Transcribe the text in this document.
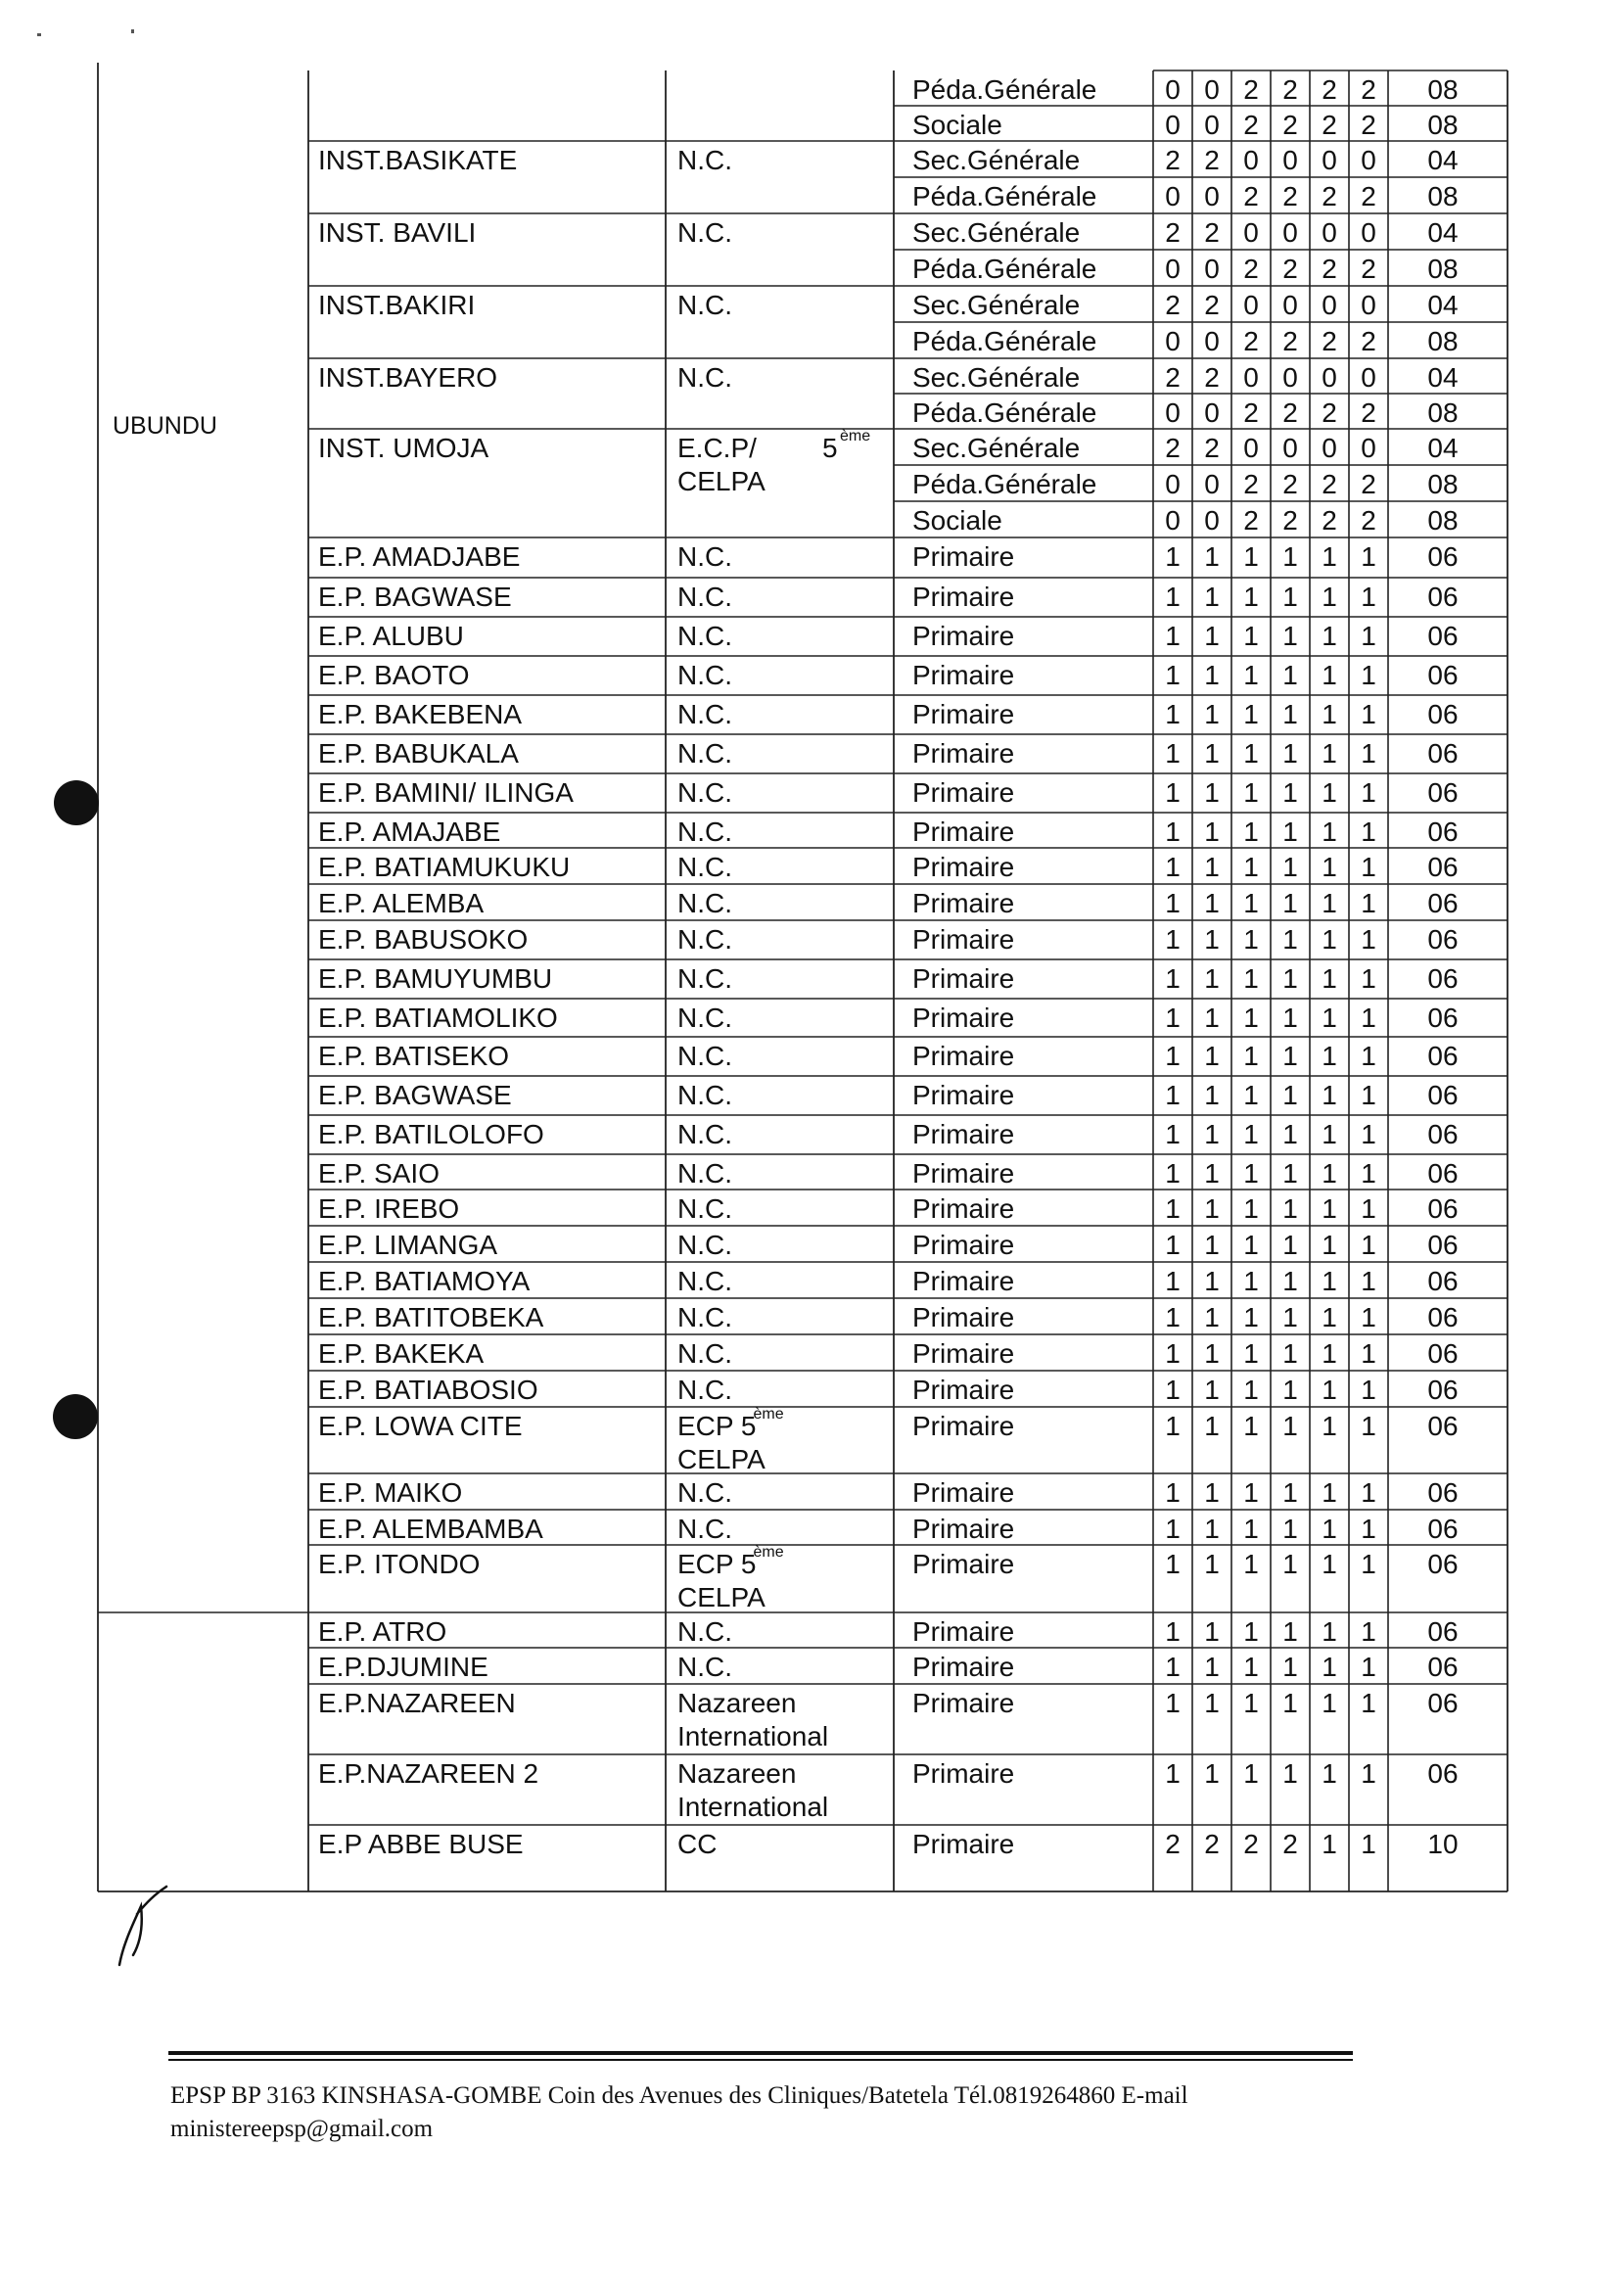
UBUNDU
Péda.Générale	0 0 2 2 2 2	08
Sociale	0 0 2 2 2 2	08
INST.BASIKATE	N.C.	Sec.Générale	2 2 0 0 0 0	04
Péda.Générale	0 0 2 2 2 2	08
INST. BAVILI	N.C.	Sec.Générale	2 2 0 0 0 0	04
Péda.Générale	0 0 2 2 2 2	08
INST.BAKIRI	N.C.	Sec.Générale	2 2 0 0 0 0	04
Péda.Générale	0 0 2 2 2 2	08
INST.BAYERO	N.C.	Sec.Générale	2 2 0 0 0 0	04
Péda.Générale	0 0 2 2 2 2	08
INST. UMOJA	E.C.P/ 5 ème
CELPA
Sec.Générale	2 2 0 0 0 0	04
Péda.Générale	0 0 2 2 2 2	08
Sociale	0 0 2 2 2 2	08
E.P. AMADJABE	N.C.	Primaire	1 1 1 1 1 1	06
E.P. BAGWASE	N.C.	Primaire	1 1 1 1 1 1	06
E.P. ALUBU	N.C.	Primaire	1 1 1 1 1 1	06
E.P. BAOTO	N.C.	Primaire	1 1 1 1 1 1	06
E.P. BAKEBENA	N.C.	Primaire	1 1 1 1 1 1	06
E.P. BABUKALA	N.C.	Primaire	1 1 1 1 1 1	06
E.P. BAMINI/ ILINGA	N.C.	Primaire	1 1 1 1 1 1	06
E.P. AMAJABE	N.C.	Primaire	1 1 1 1 1 1	06
E.P. BATIAMUKUKU	N.C.	Primaire	1 1 1 1 1 1	06
E.P. ALEMBA	N.C.	Primaire	1 1 1 1 1 1	06
E.P. BABUSOKO	N.C.	Primaire	1 1 1 1 1 1	06
E.P. BAMUYUMBU	N.C.	Primaire	1 1 1 1 1 1	06
E.P. BATIAMOLIKO	N.C.	Primaire	1 1 1 1 1 1	06
E.P. BATISEKO	N.C.	Primaire	1 1 1 1 1 1	06
E.P. BAGWASE	N.C.	Primaire	1 1 1 1 1 1	06
E.P. BATILOLOFO	N.C.	Primaire	1 1 1 1 1 1	06
E.P. SAIO	N.C.	Primaire	1 1 1 1 1 1	06
E.P. IREBO	N.C.	Primaire	1 1 1 1 1 1	06
E.P. LIMANGA	N.C.	Primaire	1 1 1 1 1 1	06
E.P. BATIAMOYA	N.C.	Primaire	1 1 1 1 1 1	06
E.P. BATITOBEKA	N.C.	Primaire	1 1 1 1 1 1	06
E.P. BAKEKA	N.C.	Primaire	1 1 1 1 1 1	06
E.P. BATIABOSIO	N.C.	Primaire	1 1 1 1 1 1	06
E.P. LOWA CITE	ECP 5
ème
CELPA
Primaire	1 1 1 1 1 1	06
E.P. MAIKO	N.C.	Primaire	1 1 1 1 1 1	06
E.P. ALEMBAMBA	N.C.	Primaire	1 1 1 1 1 1	06
E.P. ITONDO	ECP 5
ème
CELPA
Primaire	1 1 1 1 1 1	06
E.P. ATRO	N.C.	Primaire	1 1 1 1 1 1	06
E.P.DJUMINE	N.C.	Primaire	1 1 1 1 1 1	06
E.P.NAZAREEN	Nazareen
International
Primaire	1 1 1 1 1 1	06
E.P.NAZAREEN 2	Nazareen
International
Primaire	1 1 1 1 1 1	06
E.P ABBE BUSE	CC	Primaire	2 2 2 2 1 1	10
EPSP BP 3163 KINSHASA-GOMBE Coin des Avenues des Cliniques/Batetela Tél.0819264860 E-mail
ministereepsp@gmail.com
